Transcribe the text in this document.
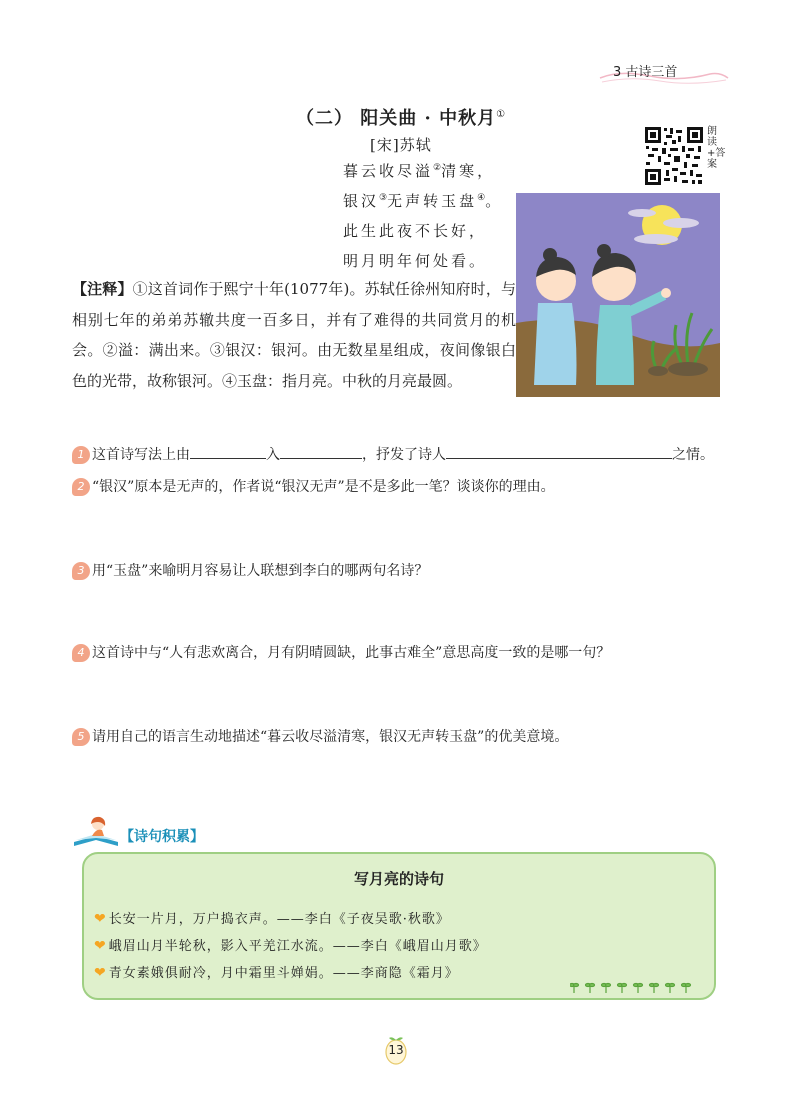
3 古诗三首
（二） 阳关曲 · 中秋月①
[宋]苏轼
暮云收尽溢②清寒，
银汉③无声转玉盘④。
此生此夜不长好，
明月明年何处看。
朗读+答案
【注释】①这首词作于熙宁十年(1077年)。苏轼任徐州知府时，与相别七年的弟弟苏辙共度一百多日，并有了难得的共同赏月的机会。②溢：满出来。③银汉：银河。由无数星星组成，夜间像银白色的光带，故称银河。④玉盘：指月亮。中秋的月亮最圆。
1 这首诗写法上由	入	，抒发了诗人	之情。
2 “银汉”原本是无声的，作者说“银汉无声”是不是多此一笔？谈谈你的理由。
3 用“玉盘”来喻明月容易让人联想到李白的哪两句名诗？
4 这首诗中与“人有悲欢离合，月有阴晴圆缺，此事古难全”意思高度一致的是哪一句？
5 请用自己的语言生动地描述“暮云收尽溢清寒，银汉无声转玉盘”的优美意境。
【诗句积累】
写月亮的诗句
❤ 长安一片月，万户捣衣声。——李白《子夜吴歌·秋歌》
❤ 峨眉山月半轮秋，影入平羌江水流。——李白《峨眉山月歌》
❤ 青女素娥俱耐冷，月中霜里斗婵娟。——李商隐《霜月》
13
